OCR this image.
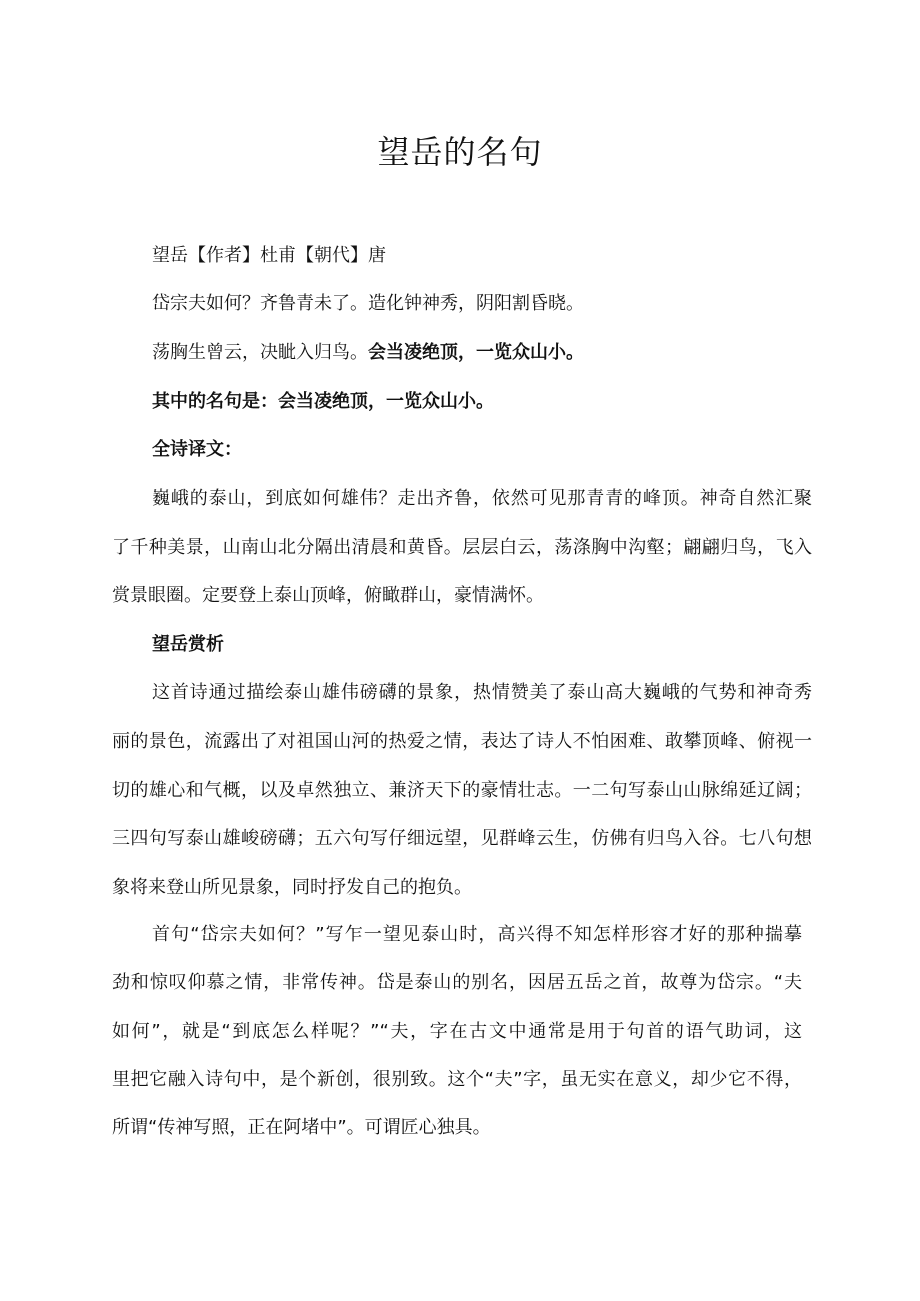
望岳的名句

望岳【作者】杜甫【朝代】唐

岱宗夫如何？齐鲁青未了。造化钟神秀，阴阳割昏晓。

荡胸生曾云，决眦入归鸟。会当凌绝顶，一览众山小。

其中的名句是：会当凌绝顶，一览众山小。

全诗译文：

巍峨的泰山，到底如何雄伟？走出齐鲁，依然可见那青青的峰顶。神奇自然汇聚

了千种美景，山南山北分隔出清晨和黄昏。层层白云，荡涤胸中沟壑；翩翩归鸟，飞入

赏景眼圈。定要登上泰山顶峰，俯瞰群山，豪情满怀。

望岳赏析

这首诗通过描绘泰山雄伟磅礴的景象，热情赞美了泰山高大巍峨的气势和神奇秀

丽的景色，流露出了对祖国山河的热爱之情，表达了诗人不怕困难、敢攀顶峰、俯视一

切的雄心和气概，以及卓然独立、兼济天下的豪情壮志。一二句写泰山山脉绵延辽阔；

三四句写泰山雄峻磅礴；五六句写仔细远望，见群峰云生，仿佛有归鸟入谷。七八句想

象将来登山所见景象，同时抒发自己的抱负。

首句“岱宗夫如何？”写乍一望见泰山时，高兴得不知怎样形容才好的那种揣摹

劲和惊叹仰慕之情，非常传神。岱是泰山的别名，因居五岳之首，故尊为岱宗。“夫

如何”，就是“到底怎么样呢？”“夫，字在古文中通常是用于句首的语气助词，这

里把它融入诗句中，是个新创，很别致。这个“夫”字，虽无实在意义，却少它不得，

所谓“传神写照，正在阿堵中”。可谓匠心独具。
